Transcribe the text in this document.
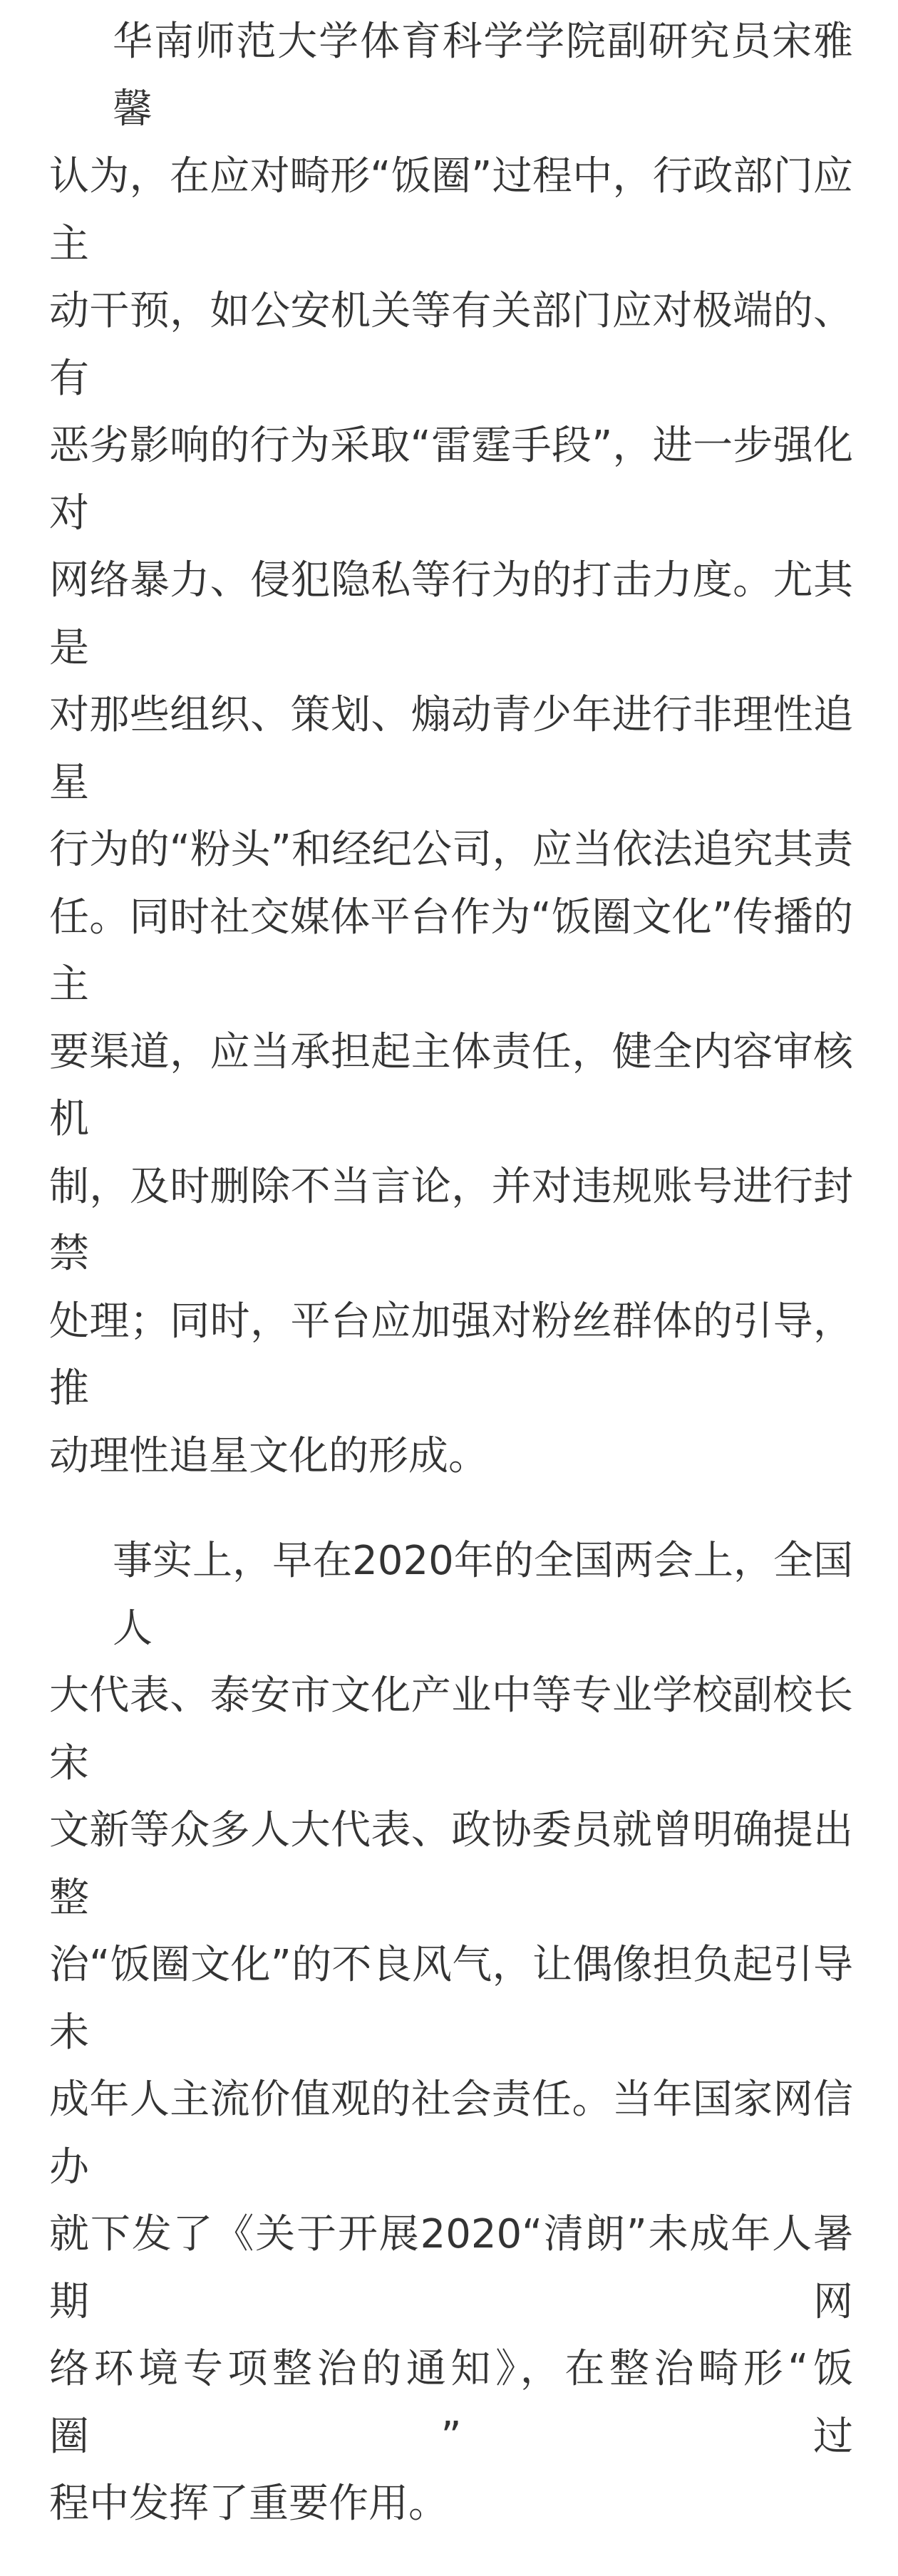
华南师范大学体育科学学院副研究员宋雅馨
认为，在应对畸形“饭圈”过程中，行政部门应主
动干预，如公安机关等有关部门应对极端的、有
恶劣影响的行为采取“雷霆手段”，进一步强化对
网络暴力、侵犯隐私等行为的打击力度。尤其是
对那些组织、策划、煽动青少年进行非理性追星
行为的“粉头”和经纪公司，应当依法追究其责
任。同时社交媒体平台作为“饭圈文化”传播的主
要渠道，应当承担起主体责任，健全内容审核机
制，及时删除不当言论，并对违规账号进行封禁
处理；同时，平台应加强对粉丝群体的引导，推
动理性追星文化的形成。
事实上，早在2020年的全国两会上，全国人
大代表、泰安市文化产业中等专业学校副校长宋
文新等众多人大代表、政协委员就曾明确提出整
治“饭圈文化”的不良风气，让偶像担负起引导未
成年人主流价值观的社会责任。当年国家网信办
就下发了《关于开展2020“清朗”未成年人暑期网
络环境专项整治的通知》，在整治畸形“饭圈”过
程中发挥了重要作用。
